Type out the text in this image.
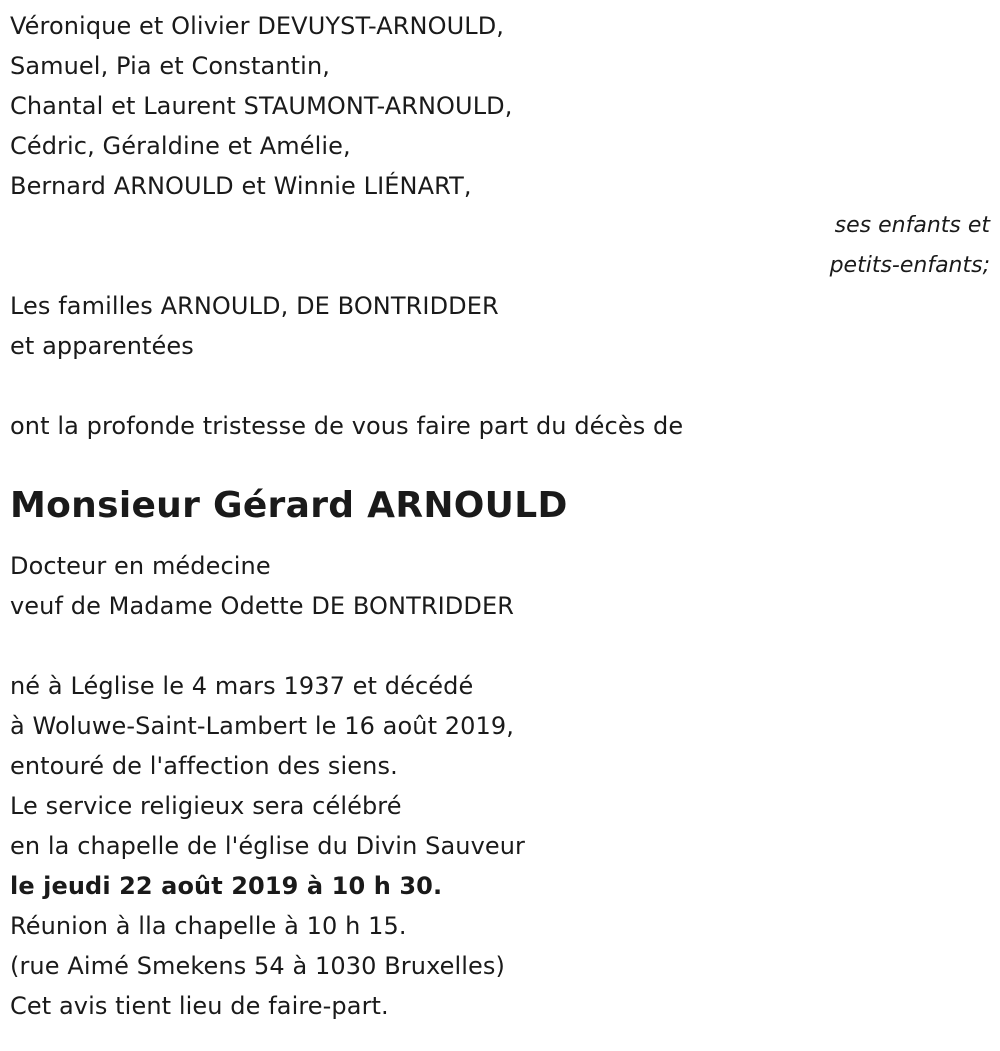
Véronique et Olivier DEVUYST-ARNOULD,
Samuel, Pia et Constantin,
Chantal et Laurent STAUMONT-ARNOULD,
Cédric, Géraldine et Amélie,
Bernard ARNOULD et Winnie LIÉNART,
ses enfants et
petits-enfants;
Les familles ARNOULD, DE BONTRIDDER
et apparentées
ont la profonde tristesse de vous faire part du décès de
Monsieur Gérard ARNOULD
Docteur en médecine
veuf de Madame Odette DE BONTRIDDER
né à Léglise le 4 mars 1937 et décédé
à Woluwe-Saint-Lambert le 16 août 2019,
entouré de l'affection des siens.
Le service religieux sera célébré
en la chapelle de l'église du Divin Sauveur
le jeudi 22 août 2019 à 10 h 30.
Réunion à lla chapelle à 10 h 15.
(rue Aimé Smekens 54 à 1030 Bruxelles)
Cet avis tient lieu de faire-part.
